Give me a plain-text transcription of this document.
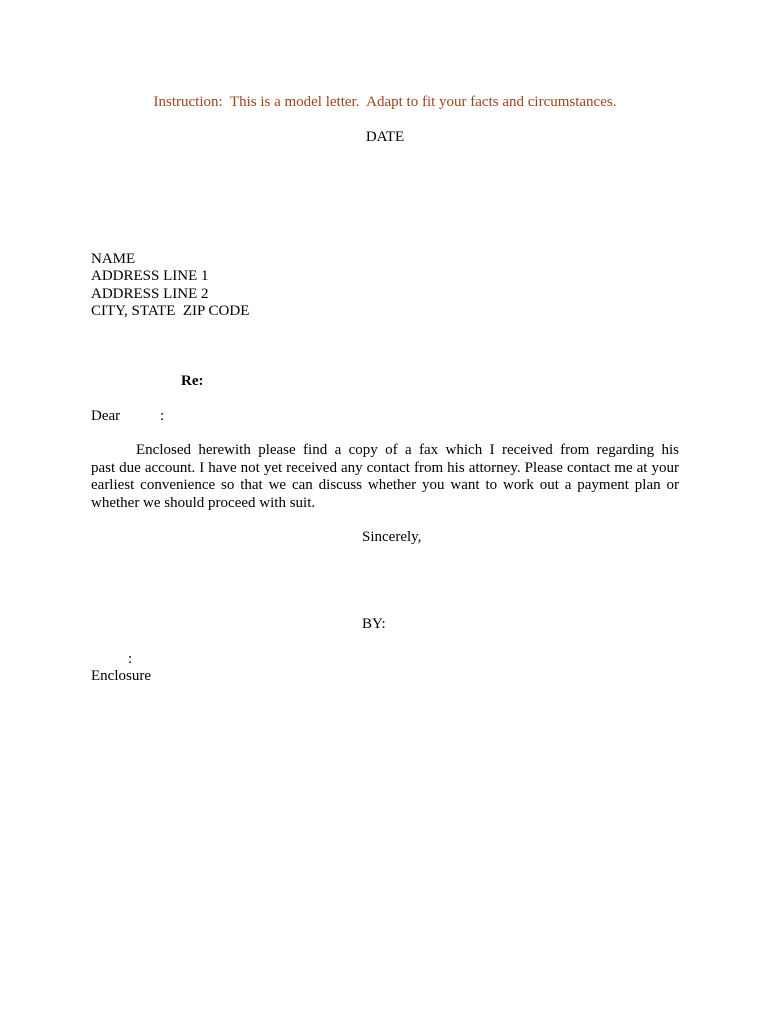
Instruction:  This is a model letter.  Adapt to fit your facts and circumstances.
DATE
NAME
ADDRESS LINE 1
ADDRESS LINE 2
CITY, STATE  ZIP CODE
Re:
Dear	:
Enclosed herewith please find a copy of a fax which I received from regarding his
past due account. I have not yet received any contact from his attorney. Please contact me at your
earliest convenience so that we can discuss whether you want to work out a payment plan or
whether we should proceed with suit.
Sincerely,
BY:
:
Enclosure
